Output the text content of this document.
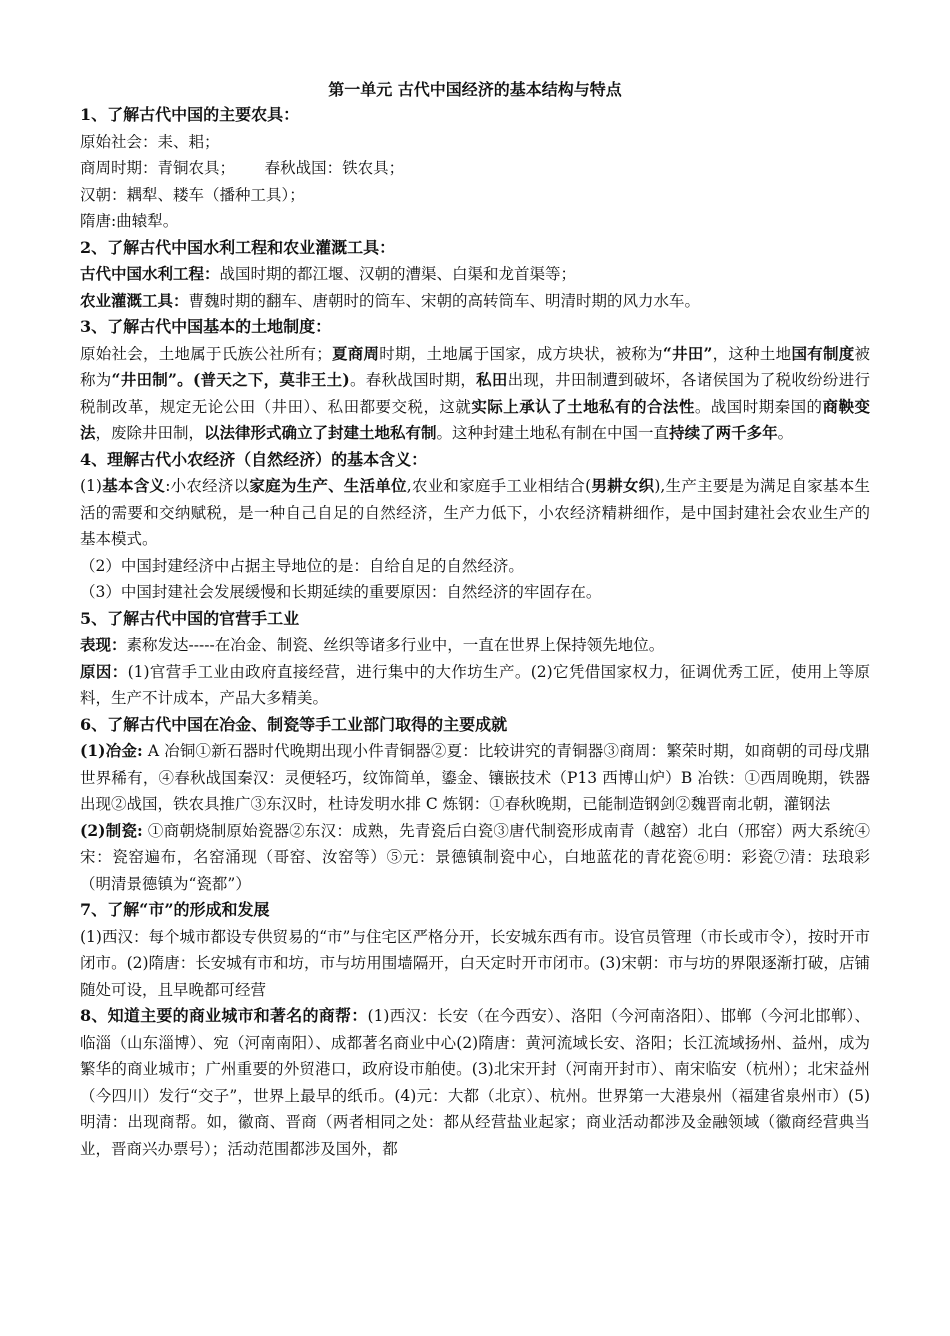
第一单元 古代中国经济的基本结构与特点

1、了解古代中国的主要农具：

原始社会：耒、耜；

商周时期：青铜农具；      春秋战国：铁农具；

汉朝：耦犁、耧车（播种工具）；

隋唐:曲辕犁。

2、了解古代中国水利工程和农业灌溉工具：

古代中国水利工程：战国时期的都江堰、汉朝的漕渠、白渠和龙首渠等；

农业灌溉工具：曹魏时期的翻车、唐朝时的筒车、宋朝的高转筒车、明清时期的风力水车。

3、了解古代中国基本的土地制度：

原始社会，土地属于氏族公社所有；夏商周时期，土地属于国家，成方块状，被称为“井田”，这种土地国有制度被称为“井田制”。(普天之下，莫非王土)。春秋战国时期，私田出现，井田制遭到破坏，各诸侯国为了税收纷纷进行税制改革，规定无论公田（井田）、私田都要交税，这就实际上承认了土地私有的合法性。战国时期秦国的商鞅变法，废除井田制，以法律形式确立了封建土地私有制。这种封建土地私有制在中国一直持续了两千多年。

4、理解古代小农经济（自然经济）的基本含义：

(1)基本含义:小农经济以家庭为生产、生活单位,农业和家庭手工业相结合(男耕女织),生产主要是为满足自家基本生活的需要和交纳赋税，是一种自己自足的自然经济，生产力低下，小农经济精耕细作，是中国封建社会农业生产的基本模式。

（2）中国封建经济中占据主导地位的是：自给自足的自然经济。

（3）中国封建社会发展缓慢和长期延续的重要原因：自然经济的牢固存在。

5、了解古代中国的官营手工业

表现：素称发达-----在冶金、制瓷、丝织等诸多行业中，一直在世界上保持领先地位。

原因：(1)官营手工业由政府直接经营，进行集中的大作坊生产。(2)它凭借国家权力，征调优秀工匠，使用上等原料，生产不计成本，产品大多精美。

6、了解古代中国在冶金、制瓷等手工业部门取得的主要成就

(1)冶金: A 冶铜①新石器时代晚期出现小件青铜器②夏：比较讲究的青铜器③商周：繁荣时期，如商朝的司母戊鼎世界稀有，④春秋战国秦汉：灵便轻巧，纹饰简单，鎏金、镶嵌技术（P13 西博山炉）B 冶铁：①西周晚期，铁器出现②战国，铁农具推广③东汉时，杜诗发明水排 C 炼钢：①春秋晚期，已能制造钢剑②魏晋南北朝，灌钢法

(2)制瓷: ①商朝烧制原始瓷器②东汉：成熟，先青瓷后白瓷③唐代制瓷形成南青（越窑）北白（邢窑）两大系统④宋：瓷窑遍布，名窑涌现（哥窑、汝窑等）⑤元：景德镇制瓷中心，白地蓝花的青花瓷⑥明：彩瓷⑦清：珐琅彩（明清景德镇为“瓷都”）

7、了解“市”的形成和发展

(1)西汉：每个城市都设专供贸易的“市”与住宅区严格分开，长安城东西有市。设官员管理（市长或市令），按时开市闭市。(2)隋唐：长安城有市和坊，市与坊用围墙隔开，白天定时开市闭市。(3)宋朝：市与坊的界限逐渐打破，店铺随处可设，且早晚都可经营

8、知道主要的商业城市和著名的商帮：(1)西汉：长安（在今西安）、洛阳（今河南洛阳）、邯郸（今河北邯郸）、临淄（山东淄博）、宛（河南南阳）、成都著名商业中心(2)隋唐：黄河流域长安、洛阳；长江流域扬州、益州，成为繁华的商业城市；广州重要的外贸港口，政府设市舶使。(3)北宋开封（河南开封市）、南宋临安（杭州）；北宋益州（今四川）发行“交子”，世界上最早的纸币。(4)元：大都（北京）、杭州。世界第一大港泉州（福建省泉州市）(5)明清：出现商帮。如，徽商、晋商（两者相同之处：都从经营盐业起家；商业活动都涉及金融领域（徽商经营典当业，晋商兴办票号）；活动范围都涉及国外，都
